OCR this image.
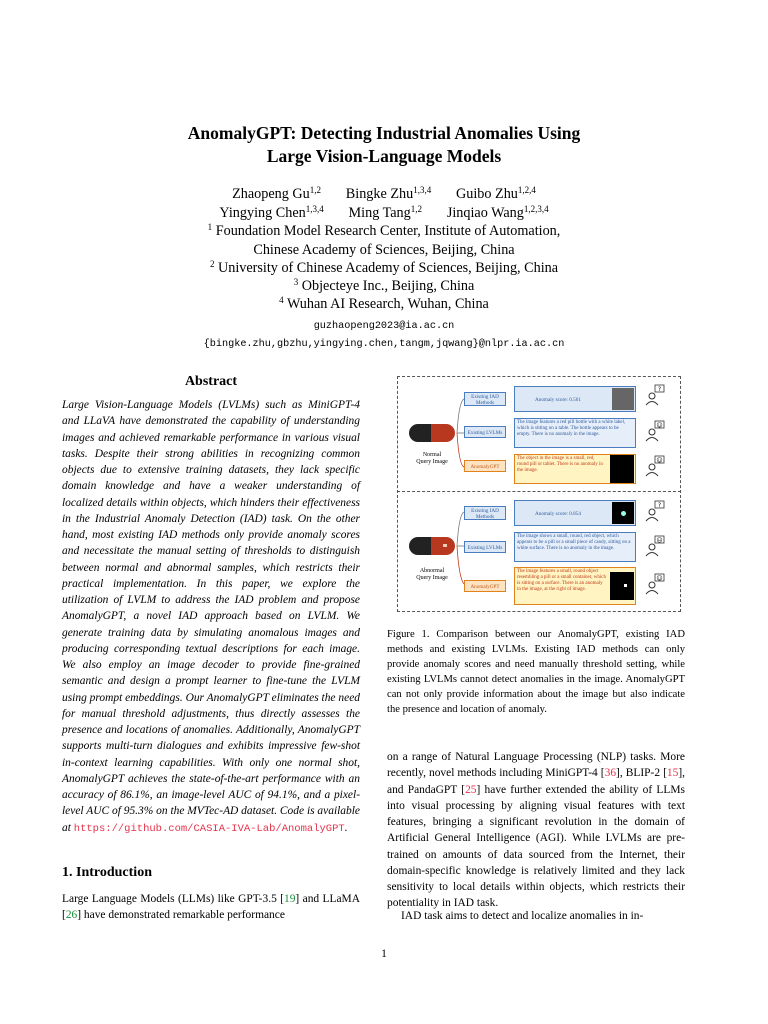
AnomalyGPT: Detecting Industrial Anomalies Using
Large Vision-Language Models
Zhaopeng Gu$^{1,2}$ Bingke Zhu$^{1,3,4}$ Guibo Zhu$^{1,2,4}$
Yingying Chen$^{1,3,4}$ Ming Tang$^{1,2}$ Jinqiao Wang$^{1,2,3,4}$
$^1$ Foundation Model Research Center, Institute of Automation,
Chinese Academy of Sciences, Beijing, China
$^2$ University of Chinese Academy of Sciences, Beijing, China
$^3$ Objecteye Inc., Beijing, China
$^4$ Wuhan AI Research, Wuhan, China
guzhaopeng2023@ia.ac.cn
{bingke.zhu,gbzhu,yingying.chen,tangm,jqwang}@nlpr.ia.ac.cn
Abstract
Large Vision-Language Models (LVLMs) such as MiniGPT-4 and LLaVA have demonstrated the capability of understanding images and achieved remarkable performance in various visual tasks. Despite their strong abilities in recognizing common objects due to extensive training datasets, they lack specific domain knowledge and have a weaker understanding of localized details within objects, which hinders their effectiveness in the Industrial Anomaly Detection (IAD) task. On the other hand, most existing IAD methods only provide anomaly scores and necessitate the manual setting of thresholds to distinguish between normal and abnormal samples, which restricts their practical implementation. In this paper, we explore the utilization of LVLM to address the IAD problem and propose AnomalyGPT, a novel IAD approach based on LVLM. We generate training data by simulating anomalous images and producing corresponding textual descriptions for each image. We also employ an image decoder to provide fine-grained semantic and design a prompt learner to fine-tune the LVLM using prompt embeddings. Our AnomalyGPT eliminates the need for manual threshold adjustments, thus directly assesses the presence and locations of anomalies. Additionally, AnomalyGPT supports multi-turn dialogues and exhibits impressive few-shot in-context learning capabilities. With only one normal shot, AnomalyGPT achieves the state-of-the-art performance with an accuracy of 86.1%, an image-level AUC of 94.1%, and a pixel-level AUC of 95.3% on the MVTec-AD dataset. Code is available at https://github.com/CASIA-IVA-Lab/AnomalyGPT.
1. Introduction
Large Language Models (LLMs) like GPT-3.5 [19] and LLaMA [26] have demonstrated remarkable performance
Normal
Query Image
Existing IAD
Methods
Existing LVLMs
AnomalyGPT
Anomaly score: 0.561
The image features a red pill bottle with a white label, which is sitting on a table. The bottle appears to be empty. There is no anomaly in the image.
The object in the image is a small, red, round pill or tablet. There is no anomaly in the image.
Abnormal
Query Image
Existing IAD
Methods
Existing LVLMs
AnomalyGPT
Anomaly score: 0.854
The image shows a small, round, red object, which appears to be a pill or a small piece of candy, sitting on a white surface. There is no anomaly in the image.
The image features a small, round object resembling a pill or a small container, which is sitting on a surface. There is an anomaly in the image, at the right of image.
?
☺
☺
?
☹
☺
Figure 1. Comparison between our AnomalyGPT, existing IAD methods and existing LVLMs. Existing IAD methods can only provide anomaly scores and need manually threshold setting, while existing LVLMs cannot detect anomalies in the image. AnomalyGPT can not only provide information about the image but also indicate the presence and location of anomaly.
on a range of Natural Language Processing (NLP) tasks. More recently, novel methods including MiniGPT-4 [36], BLIP-2 [15], and PandaGPT [25] have further extended the ability of LLMs into visual processing by aligning visual features with text features, bringing a significant revolution in the domain of Artificial General Intelligence (AGI). While LVLMs are pre-trained on amounts of data sourced from the Internet, their domain-specific knowledge is relatively limited and they lack sensitivity to local details within objects, which restricts their potentiality in IAD task.
IAD task aims to detect and localize anomalies in in-
1
